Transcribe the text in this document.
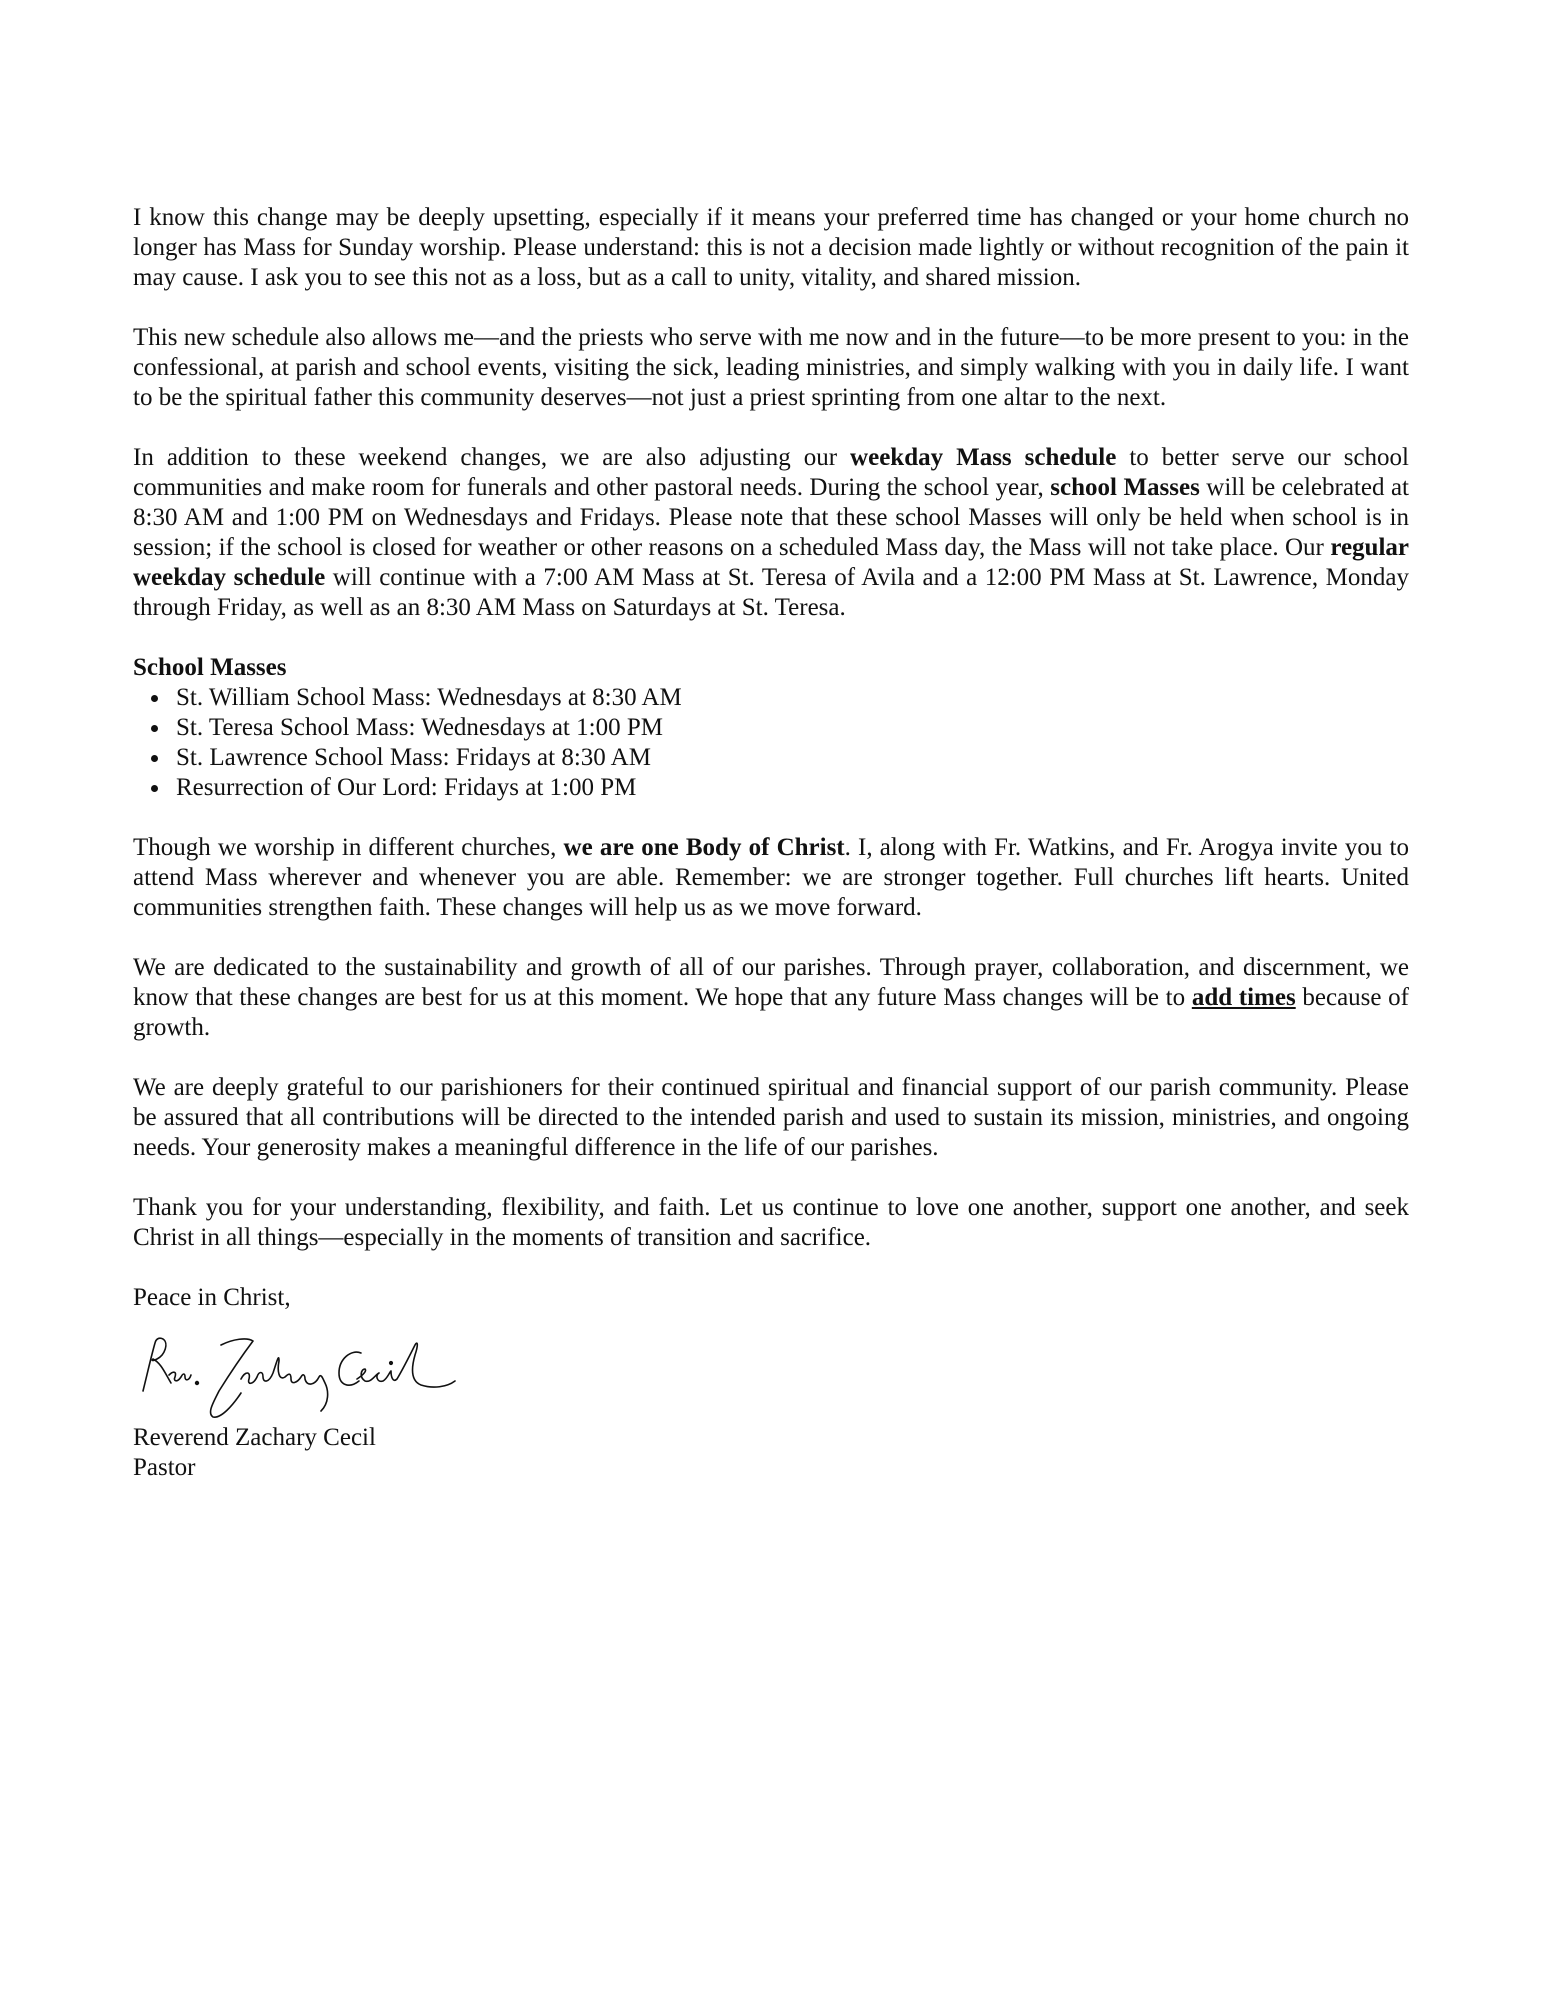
I know this change may be deeply upsetting, especially if it means your preferred time has changed or your home church no longer has Mass for Sunday worship. Please understand: this is not a decision made lightly or without recognition of the pain it may cause. I ask you to see this not as a loss, but as a call to unity, vitality, and shared mission.

This new schedule also allows me—and the priests who serve with me now and in the future—to be more present to you: in the confessional, at parish and school events, visiting the sick, leading ministries, and simply walking with you in daily life. I want to be the spiritual father this community deserves—not just a priest sprinting from one altar to the next.

In addition to these weekend changes, we are also adjusting our weekday Mass schedule to better serve our school communities and make room for funerals and other pastoral needs. During the school year, school Masses will be celebrated at 8:30 AM and 1:00 PM on Wednesdays and Fridays. Please note that these school Masses will only be held when school is in session; if the school is closed for weather or other reasons on a scheduled Mass day, the Mass will not take place. Our regular weekday schedule will continue with a 7:00 AM Mass at St. Teresa of Avila and a 12:00 PM Mass at St. Lawrence, Monday through Friday, as well as an 8:30 AM Mass on Saturdays at St. Teresa.

School Masses

St. William School Mass: Wednesdays at 8:30 AM
St. Teresa School Mass: Wednesdays at 1:00 PM
St. Lawrence School Mass: Fridays at 8:30 AM
Resurrection of Our Lord: Fridays at 1:00 PM

Though we worship in different churches, we are one Body of Christ. I, along with Fr. Watkins, and Fr. Arogya invite you to attend Mass wherever and whenever you are able. Remember: we are stronger together. Full churches lift hearts. United communities strengthen faith. These changes will help us as we move forward.

We are dedicated to the sustainability and growth of all of our parishes. Through prayer, collaboration, and discernment, we know that these changes are best for us at this moment. We hope that any future Mass changes will be to add times because of growth.

We are deeply grateful to our parishioners for their continued spiritual and financial support of our parish community. Please be assured that all contributions will be directed to the intended parish and used to sustain its mission, ministries, and ongoing needs. Your generosity makes a meaningful difference in the life of our parishes.

Thank you for your understanding, flexibility, and faith. Let us continue to love one another, support one another, and seek Christ in all things—especially in the moments of transition and sacrifice.

Peace in Christ,

Reverend Zachary Cecil

Pastor
